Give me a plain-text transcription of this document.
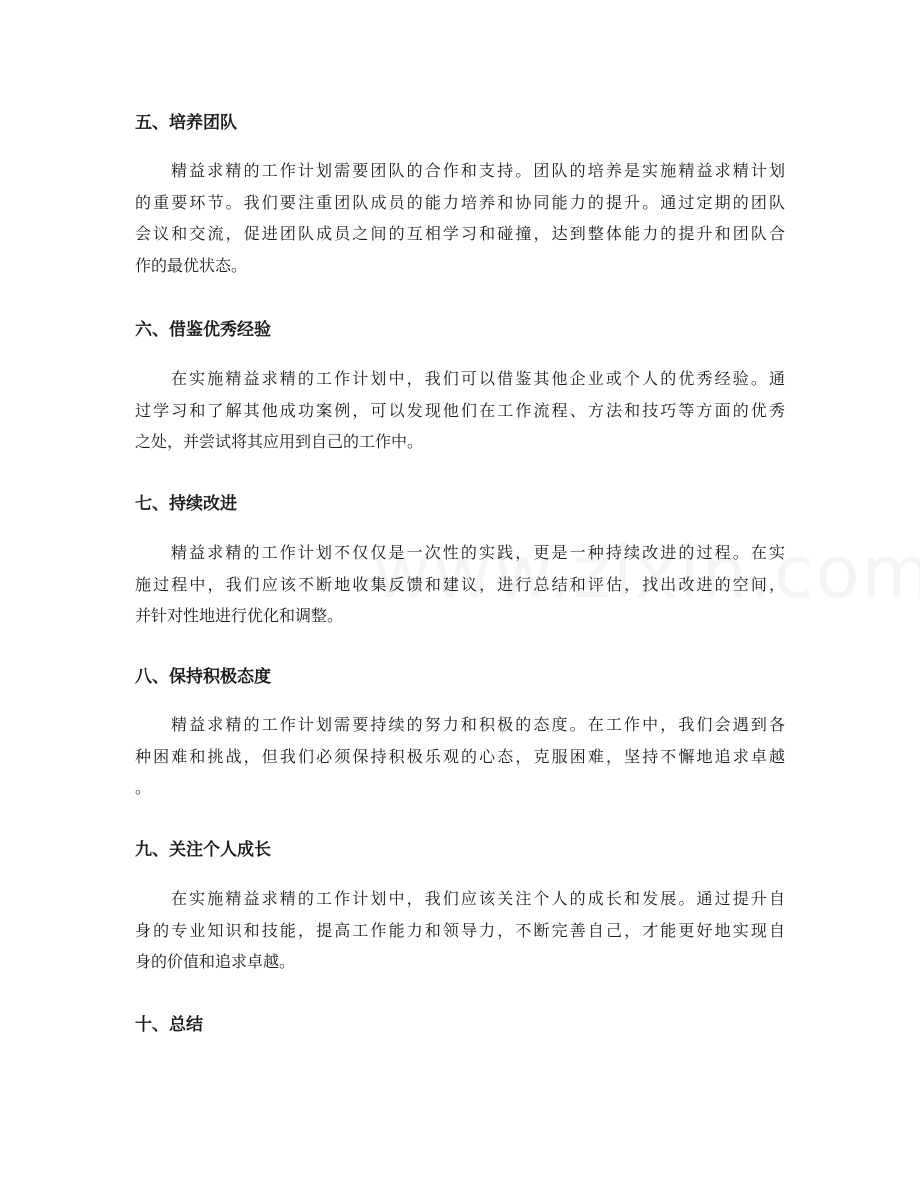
五、培养团队
精益求精的工作计划需要团队的合作和支持。团队的培养是实施精益求精计划
的重要环节。我们要注重团队成员的能力培养和协同能力的提升。通过定期的团队
会议和交流，促进团队成员之间的互相学习和碰撞，达到整体能力的提升和团队合
作的最优状态。
六、借鉴优秀经验
在实施精益求精的工作计划中，我们可以借鉴其他企业或个人的优秀经验。通
过学习和了解其他成功案例，可以发现他们在工作流程、方法和技巧等方面的优秀
之处，并尝试将其应用到自己的工作中。
七、持续改进
精益求精的工作计划不仅仅是一次性的实践，更是一种持续改进的过程。在实
施过程中，我们应该不断地收集反馈和建议，进行总结和评估，找出改进的空间，
并针对性地进行优化和调整。
八、保持积极态度
精益求精的工作计划需要持续的努力和积极的态度。在工作中，我们会遇到各
种困难和挑战，但我们必须保持积极乐观的心态，克服困难，坚持不懈地追求卓越
。
九、关注个人成长
在实施精益求精的工作计划中，我们应该关注个人的成长和发展。通过提升自
身的专业知识和技能，提高工作能力和领导力，不断完善自己，才能更好地实现自
身的价值和追求卓越。
十、总结
